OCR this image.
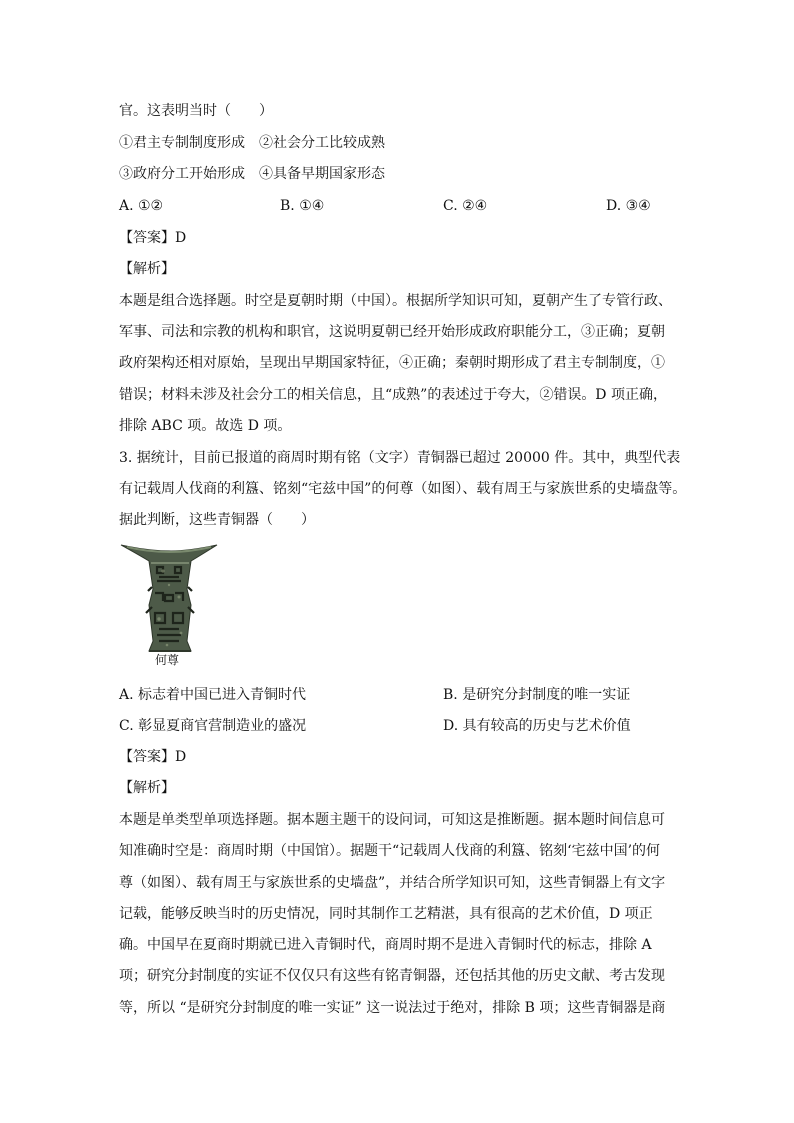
官。这表明当时（　　）
①君主专制制度形成　②社会分工比较成熟
③政府分工开始形成　④具备早期国家形态
A. ①②	B. ①④	C. ②④	D. ③④
【答案】D
【解析】
本题是组合选择题。时空是夏朝时期（中国）。根据所学知识可知，夏朝产生了专管行政、
军事、司法和宗教的机构和职官，这说明夏朝已经开始形成政府职能分工，③正确；夏朝
政府架构还相对原始，呈现出早期国家特征，④正确；秦朝时期形成了君主专制制度，①
错误；材料未涉及社会分工的相关信息，且“成熟”的表述过于夸大，②错误。D 项正确，
排除 ABC 项。故选 D 项。
3. 据统计，目前已报道的商周时期有铭（文字）青铜器已超过 20000 件。其中，典型代表
有记载周人伐商的利簋、铭刻“宅兹中国”的何尊（如图）、载有周王与家族世系的史墙盘等。
据此判断，这些青铜器（　　）
何尊
A. 标志着中国已进入青铜时代	B. 是研究分封制度的唯一实证
C. 彰显夏商官营制造业的盛况	D. 具有较高的历史与艺术价值
【答案】D
【解析】
本题是单类型单项选择题。据本题主题干的设问词，可知这是推断题。据本题时间信息可
知准确时空是：商周时期（中国馆）。据题干“记载周人伐商的利簋、铭刻‘宅兹中国’的何
尊（如图）、载有周王与家族世系的史墙盘”，并结合所学知识可知，这些青铜器上有文字
记载，能够反映当时的历史情况，同时其制作工艺精湛，具有很高的艺术价值，D 项正
确。中国早在夏商时期就已进入青铜时代，商周时期不是进入青铜时代的标志，排除 A
项；研究分封制度的实证不仅仅只有这些有铭青铜器，还包括其他的历史文献、考古发现
等，所以 “是研究分封制度的唯一实证” 这一说法过于绝对，排除 B 项；这些青铜器是商
